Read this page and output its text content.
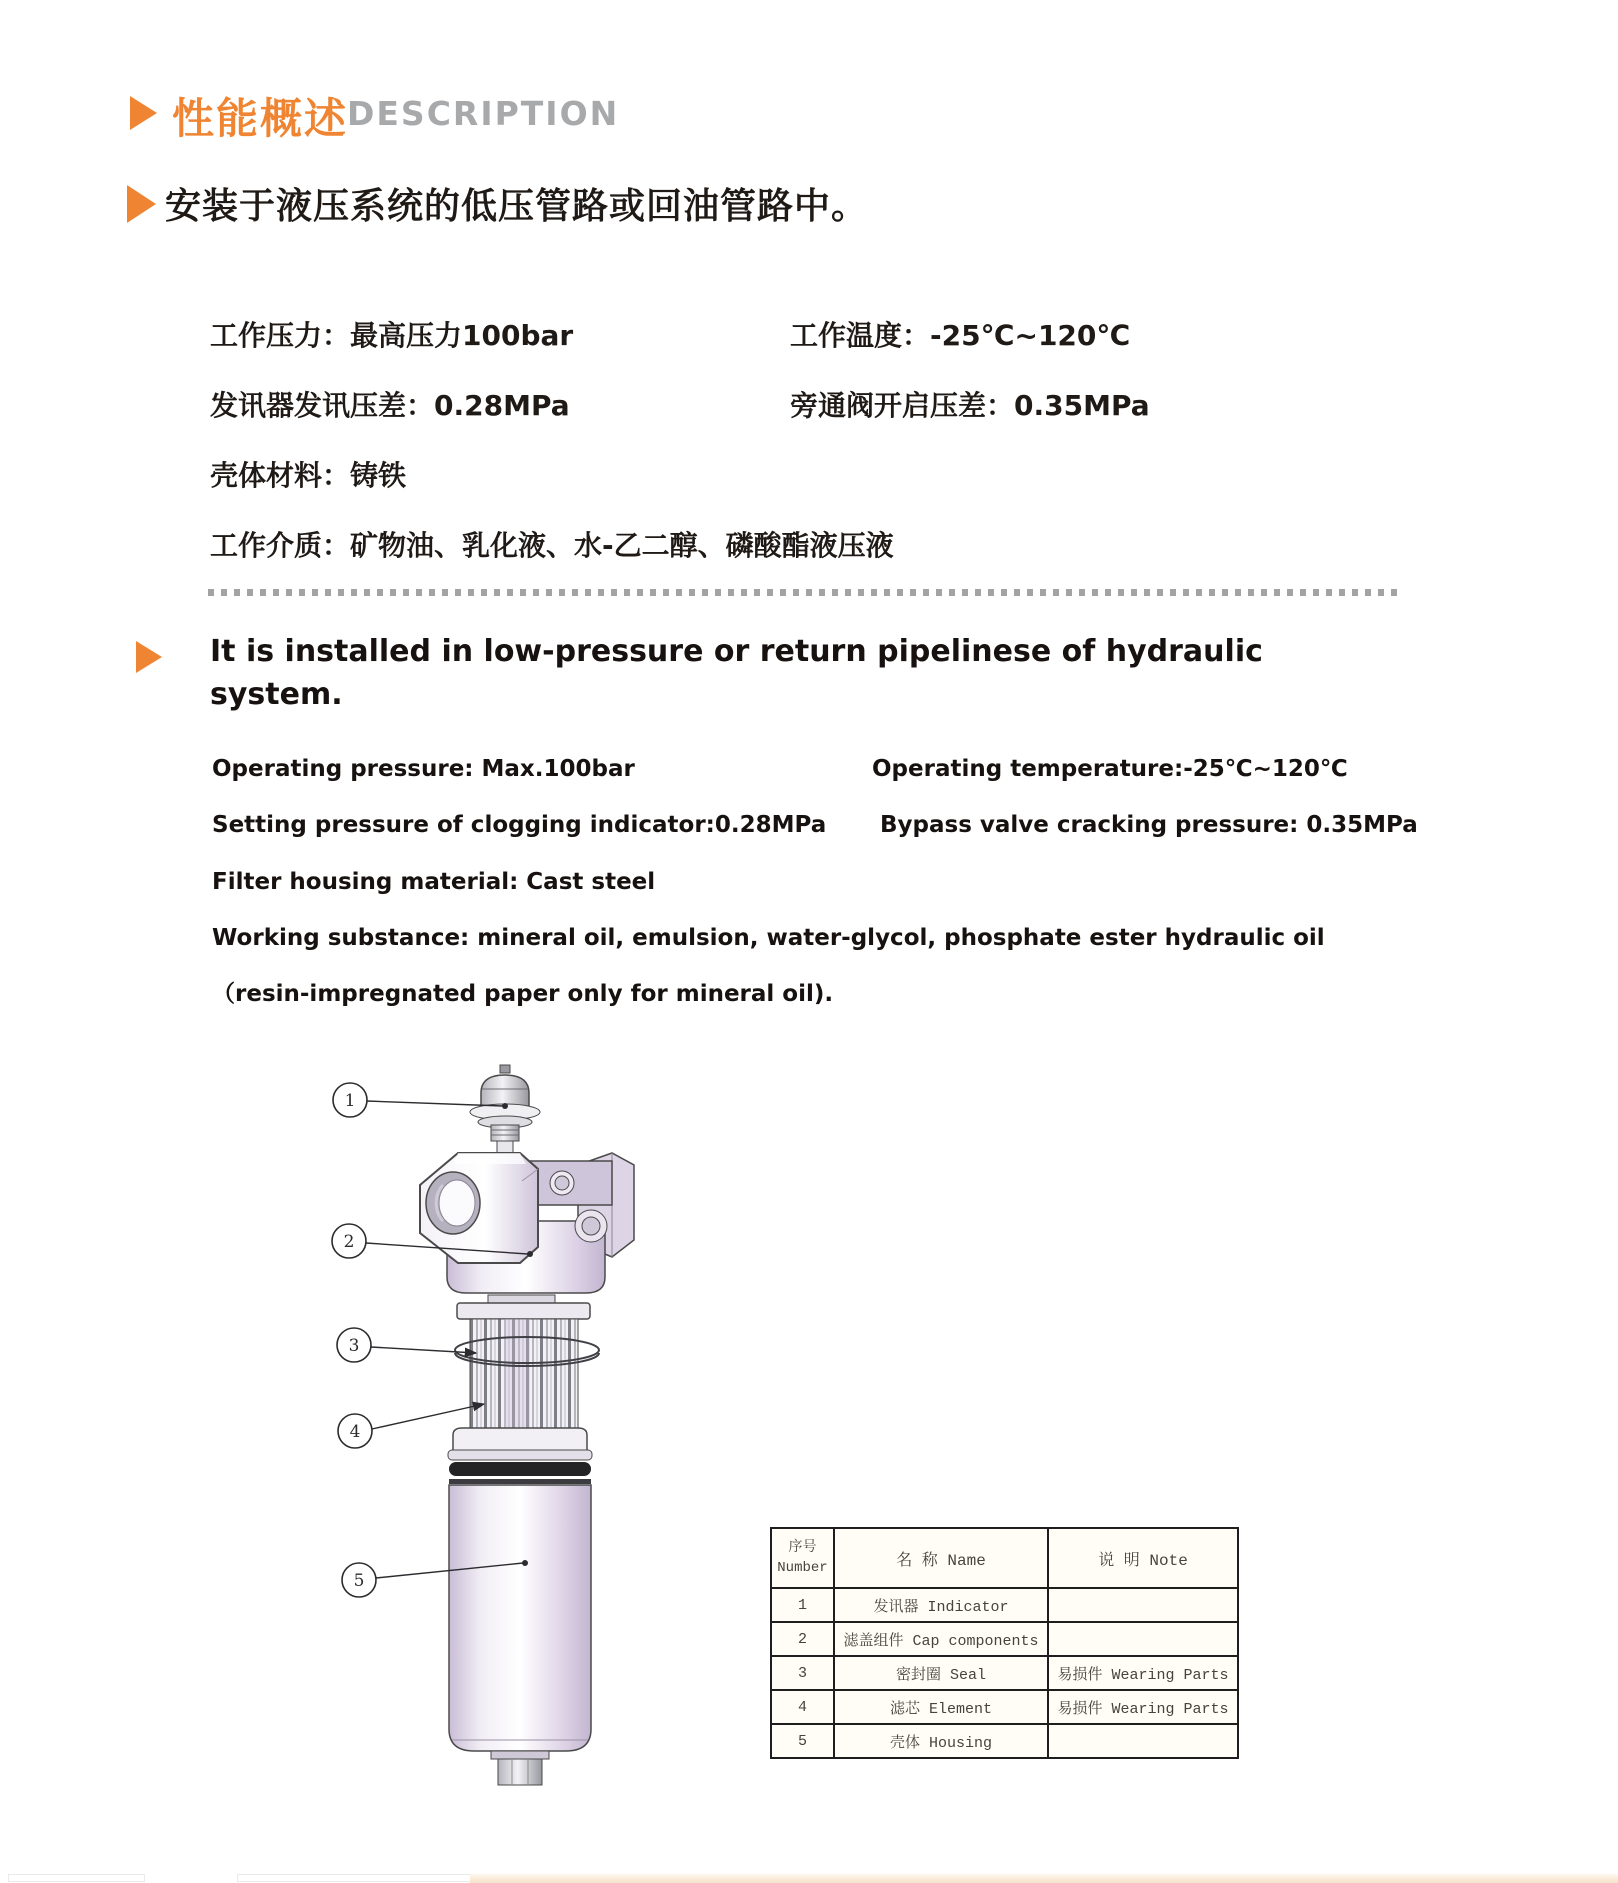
性能概述
DESCRIPTION
安装于液压系统的低压管路或回油管路中。
工作压力：最高压力100bar	工作温度：-25℃~120℃
发讯器发讯压差：0.28MPa	旁通阀开启压差：0.35MPa
壳体材料：铸铁
工作介质：矿物油、乳化液、水-乙二醇、磷酸酯液压液
It is installed in low-pressure or return pipelinese of hydraulic
system.
Operating pressure: Max.100bar	Operating temperature:-25℃~120℃
Setting pressure of clogging indicator:0.28MPa Bypass valve cracking pressure: 0.35MPa
Filter housing material: Cast steel
Working substance: mineral oil, emulsion, water-glycol, phosphate ester hydraulic oil
（resin-impregnated paper only for mineral oil).
1
2
3
4
5
序号
Number	名 称 Name	说 明 Note
1	发讯器 Indicator	
2	滤盖组件 Cap components	
3	密封圈 Seal	易损件 Wearing Parts
4	滤芯 Element	易损件 Wearing Parts
5	壳体 Housing	
